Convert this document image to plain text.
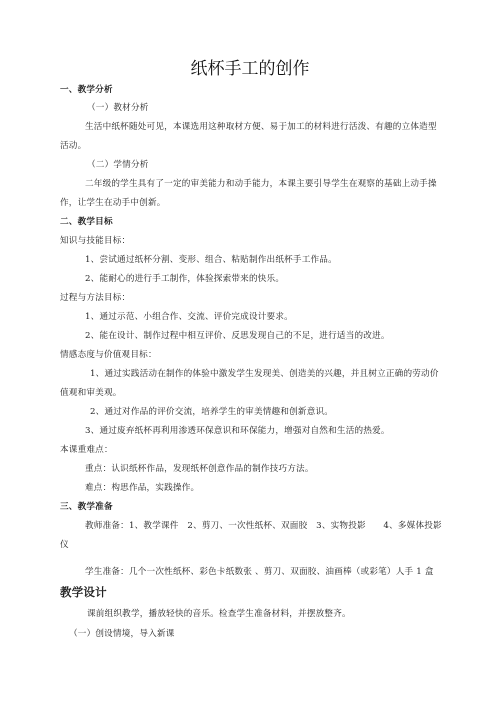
纸杯手工的创作
一、教学分析
（一）教材分析
生活中纸杯随处可见，本课选用这种取材方便、易于加工的材料进行活泼、有趣的立体造型
活动。
（二）学情分析
二年级的学生具有了一定的审美能力和动手能力，本课主要引导学生在观察的基础上动手操
作，让学生在动手中创新。
二、教学目标
知识与技能目标：
1、尝试通过纸杯分割、变形、组合、粘贴制作出纸杯手工作品。
2、能耐心的进行手工制作，体验探索带来的快乐。
过程与方法目标：
1、通过示范、小组合作、交流、评价完成设计要求。
2、能在设计、制作过程中相互评价、反思发现自己的不足，进行适当的改进。
情感态度与价值观目标：
1、通过实践活动在制作的体验中激发学生发现美、创造美的兴趣，并且树立正确的劳动价
值观和审美观。
2、通过对作品的评价交流，培养学生的审美情趣和创新意识。
3、通过废弃纸杯再利用渗透环保意识和环保能力，增强对自然和生活的热爱。
本课重难点：
重点：认识纸杯作品，发现纸杯创意作品的制作技巧方法。
难点：构思作品，实践操作。
三、教学准备
教师准备：1、教学课件　2、剪刀、一次性纸杯、双面胶　3、实物投影　　4、多媒体投影
仪
学生准备：几个一次性纸杯、彩色卡纸数张 、剪刀、双面胶、油画棒（或彩笔）人手 1 盒
教学设计
课前组织教学，播放轻快的音乐。检查学生准备材料，并摆放整齐。
（一）创设情境，导入新课
